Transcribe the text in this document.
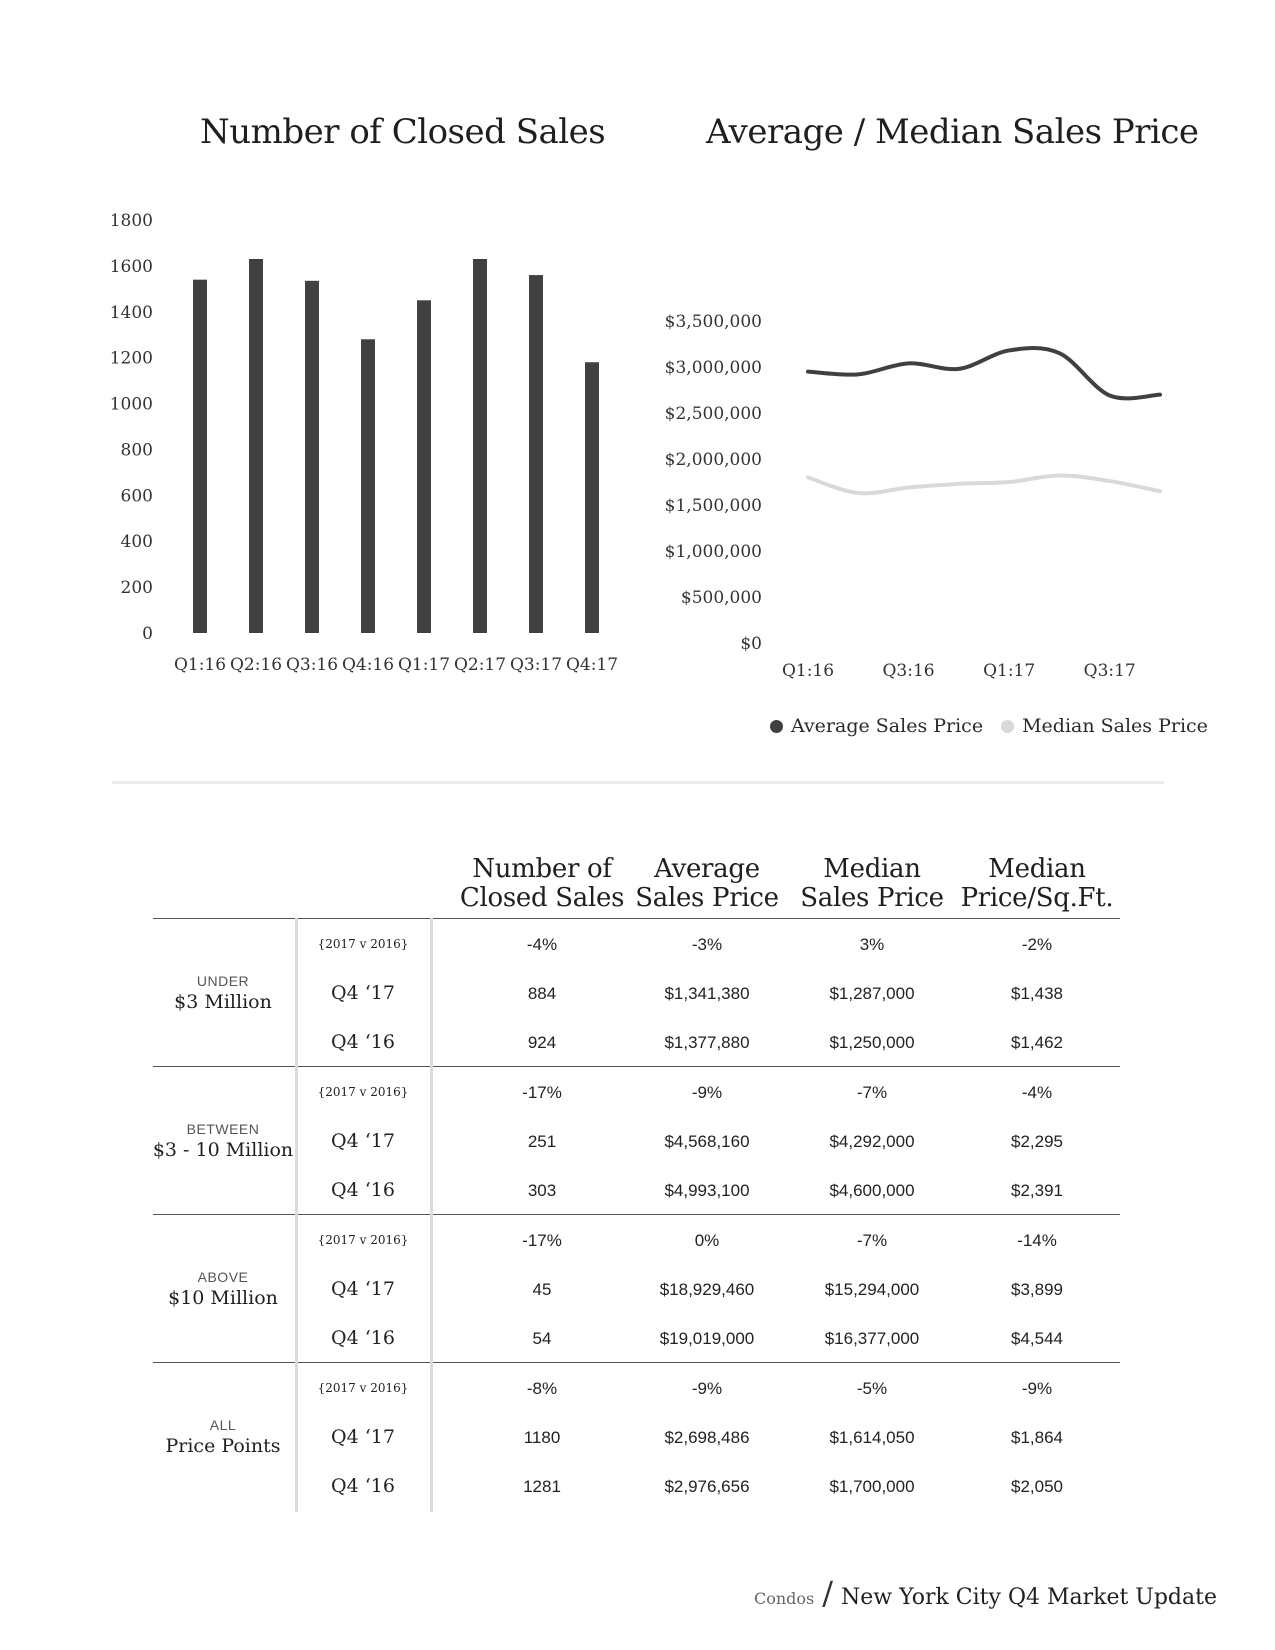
Number of Closed Sales	Average / Median Sales Price
0
200
400
600
800
1000
1200
1400
1600
1800
Q1:16 Q2:16 Q3:16 Q4:16 Q1:17 Q2:17 Q3:17 Q4:17
$0
$500,000
$1,000,000
$1,500,000
$2,000,000
$2,500,000
$3,000,000
$3,500,000
Q1:16	Q3:16	Q1:17	Q3:17
Average Sales Price Median Sales Price
Number of
Closed Sales
Average
Sales Price
Median
Sales Price
Median
Price/Sq.Ft.
UNDER
$3 Million
{2017 v 2016}	-4%	-3%	3%	-2%
Q4 ‘17	884	$1,341,380	$1,287,000	$1,438
Q4 ‘16	924	$1,377,880	$1,250,000	$1,462
BETWEEN
$3 - 10 Million
{2017 v 2016}	-17%	-9%	-7%	-4%
Q4 ‘17	251	$4,568,160	$4,292,000	$2,295
Q4 ‘16	303	$4,993,100	$4,600,000	$2,391
ABOVE
$10 Million
{2017 v 2016}	-17%	0%	-7%	-14%
Q4 ‘17	45	$18,929,460	$15,294,000	$3,899
Q4 ‘16	54	$19,019,000	$16,377,000	$4,544
ALL
Price Points
{2017 v 2016}	-8%	-9%	-5%	-9%
Q4 ‘17	1180	$2,698,486	$1,614,050	$1,864
Q4 ‘16	1281	$2,976,656	$1,700,000	$2,050
Condos / New York City Q4 Market Update
